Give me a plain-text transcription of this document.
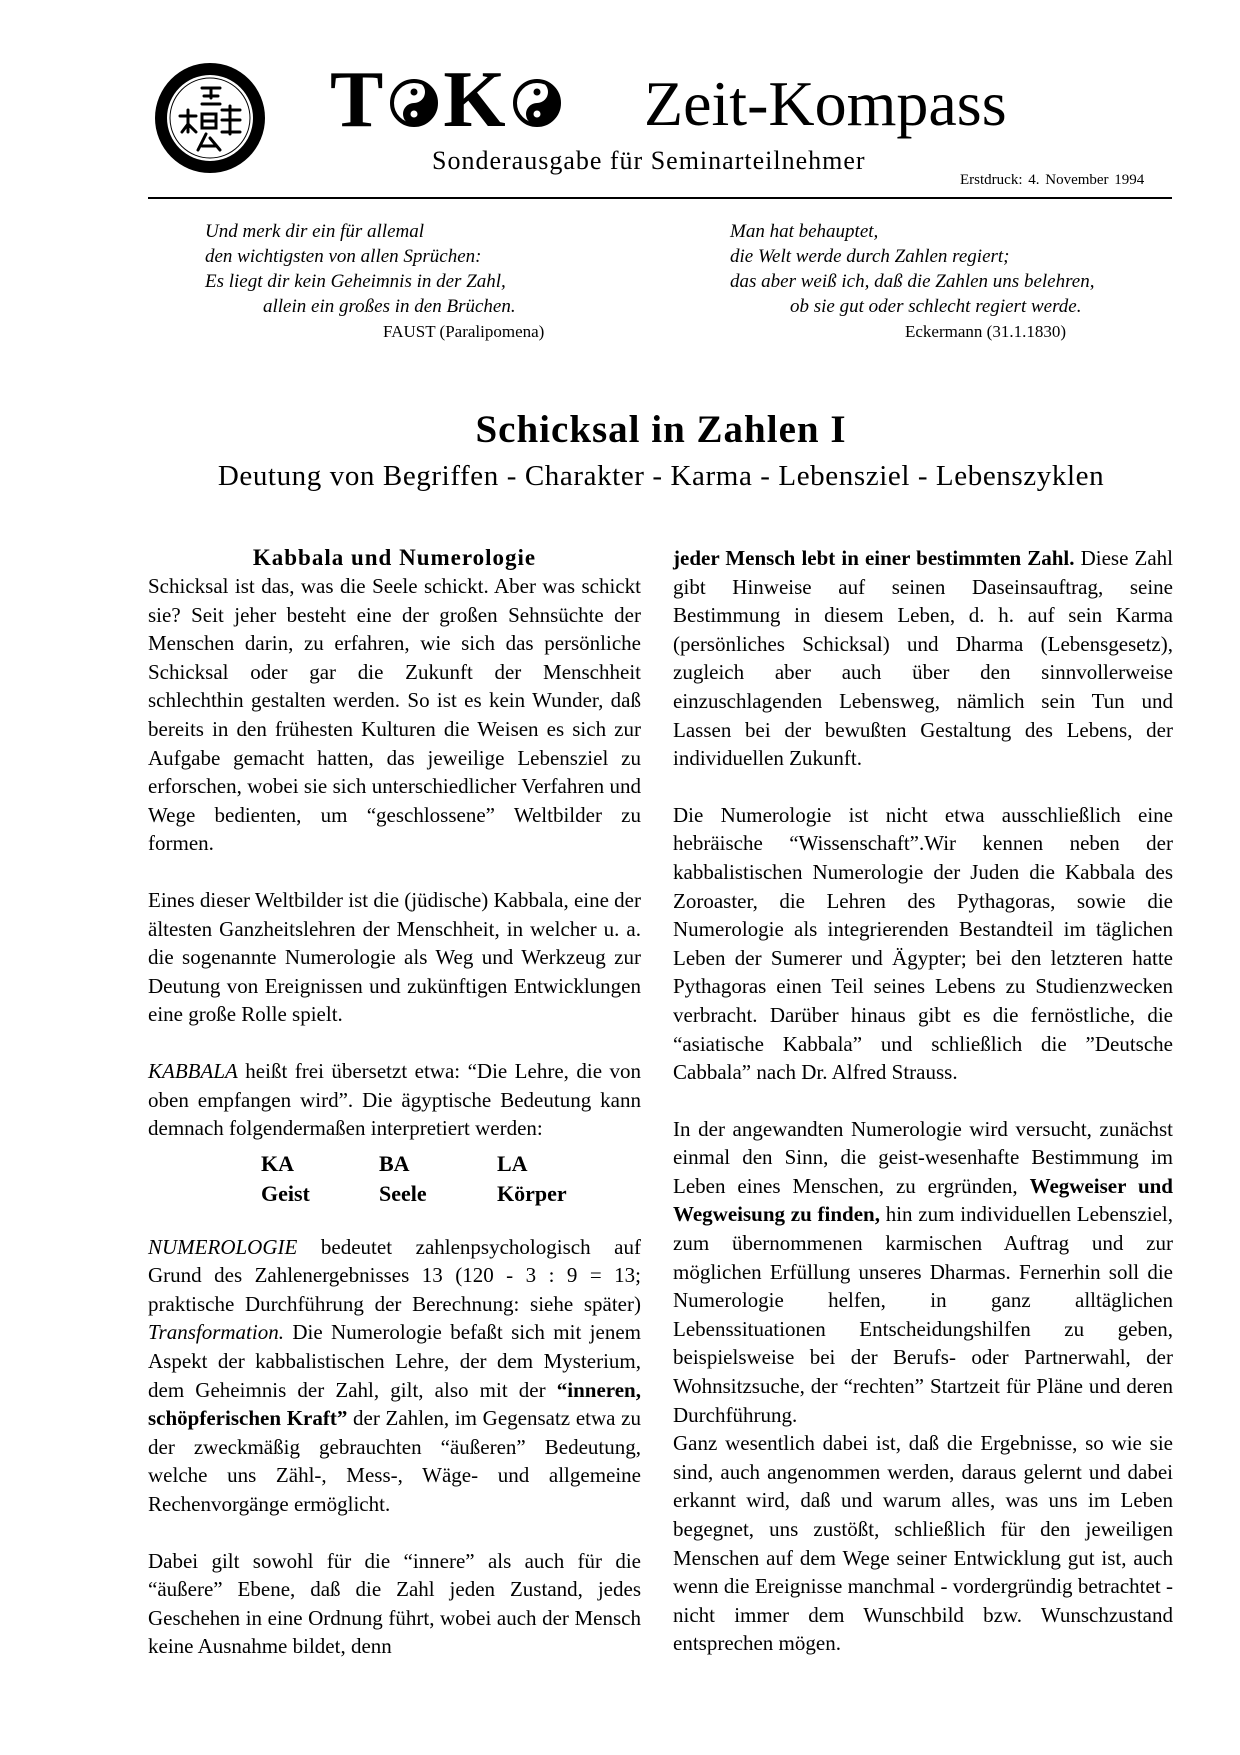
T K	Zeit-Kompass
Sonderausgabe für Seminarteilnehmer
Erstdruck: 4. November 1994
Und merk dir ein für allemal
den wichtigsten von allen Sprüchen:
Es liegt dir kein Geheimnis in der Zahl,
allein ein großes in den Brüchen.
FAUST (Paralipomena)
Man hat behauptet,
die Welt werde durch Zahlen regiert;
das aber weiß ich, daß die Zahlen uns belehren,
ob sie gut oder schlecht regiert werde.
Eckermann (31.1.1830)
Schicksal in Zahlen I
Deutung von Begriffen - Charakter - Karma - Lebensziel - Lebenszyklen
Kabbala und Numerologie

Schicksal ist das, was die Seele schickt. Aber was schickt sie? Seit jeher besteht eine der großen Sehnsüchte der Menschen darin, zu erfahren, wie sich das persönliche Schicksal oder gar die Zukunft der Menschheit schlechthin gestalten werden. So ist es kein Wunder, daß bereits in den frühesten Kulturen die Weisen es sich zur Aufgabe gemacht hatten, das jeweilige Lebensziel zu erforschen, wobei sie sich unterschiedlicher Verfahren und Wege bedienten, um “geschlossene” Weltbilder zu formen.

Eines dieser Weltbilder ist die (jüdische) Kabbala, eine der ältesten Ganzheitslehren der Menschheit, in welcher u. a. die sogenannte Numerologie als Weg und Werkzeug zur Deutung von Ereignissen und zukünftigen Entwicklungen eine große Rolle spielt.

KABBALA heißt frei übersetzt etwa: “Die Lehre, die von oben empfangen wird”. Die ägyptische Bedeutung kann demnach folgendermaßen interpretiert werden:

KA	BA	LA
Geist	Seele	Körper

NUMEROLOGIE bedeutet zahlenpsychologisch auf Grund des Zahlenergebnisses 13 (120 - 3 : 9 = 13; praktische Durchführung der Berechnung: siehe später) Transformation. Die Numerologie befaßt sich mit jenem Aspekt der kabbalistischen Lehre, der dem Mysterium, dem Geheimnis der Zahl, gilt, also mit der “inneren, schöpferischen Kraft” der Zahlen, im Gegensatz etwa zu der zweckmäßig gebrauchten “äußeren” Bedeutung, welche uns Zähl-, Mess-, Wäge- und allgemeine Rechenvorgänge ermöglicht.

Dabei gilt sowohl für die “innere” als auch für die “äußere” Ebene, daß die Zahl jeden Zustand, jedes Geschehen in eine Ordnung führt, wobei auch der Mensch keine Ausnahme bildet, denn

jeder Mensch lebt in einer bestimmten Zahl. Diese Zahl gibt Hinweise auf seinen Daseinsauftrag, seine Bestimmung in diesem Leben, d. h. auf sein Karma (persönliches Schicksal) und Dharma (Lebensgesetz), zugleich aber auch über den sinnvollerweise einzuschlagenden Lebensweg, nämlich sein Tun und Lassen bei der bewußten Gestaltung des Lebens, der individuellen Zukunft.

Die Numerologie ist nicht etwa ausschließlich eine hebräische “Wissenschaft”.Wir kennen neben der kabbalistischen Numerologie der Juden die Kabbala des Zoroaster, die Lehren des Pythagoras, sowie die Numerologie als integrierenden Bestandteil im täglichen Leben der Sumerer und Ägypter; bei den letzteren hatte Pythagoras einen Teil seines Lebens zu Studienzwecken verbracht. Darüber hinaus gibt es die fernöstliche, die “asiatische Kabbala” und schließlich die ”Deutsche Cabbala” nach Dr. Alfred Strauss.

In der angewandten Numerologie wird versucht, zunächst einmal den Sinn, die geist-wesenhafte Bestimmung im Leben eines Menschen, zu ergründen, Wegweiser und Wegweisung zu finden, hin zum individuellen Lebensziel, zum übernommenen karmischen Auftrag und zur möglichen Erfüllung unseres Dharmas. Fernerhin soll die Numerologie helfen, in ganz alltäglichen Lebenssituationen Entscheidungshilfen zu geben, beispielsweise bei der Berufs- oder Partnerwahl, der Wohnsitzsuche, der “rechten” Startzeit für Pläne und deren Durchführung.

Ganz wesentlich dabei ist, daß die Ergebnisse, so wie sie sind, auch angenommen werden, daraus gelernt und dabei erkannt wird, daß und warum alles, was uns im Leben begegnet, uns zustößt, schließlich für den jeweiligen Menschen auf dem Wege seiner Entwicklung gut ist, auch wenn die Ereignisse manchmal - vordergründig betrachtet - nicht immer dem Wunschbild bzw. Wunschzustand entsprechen mögen.
